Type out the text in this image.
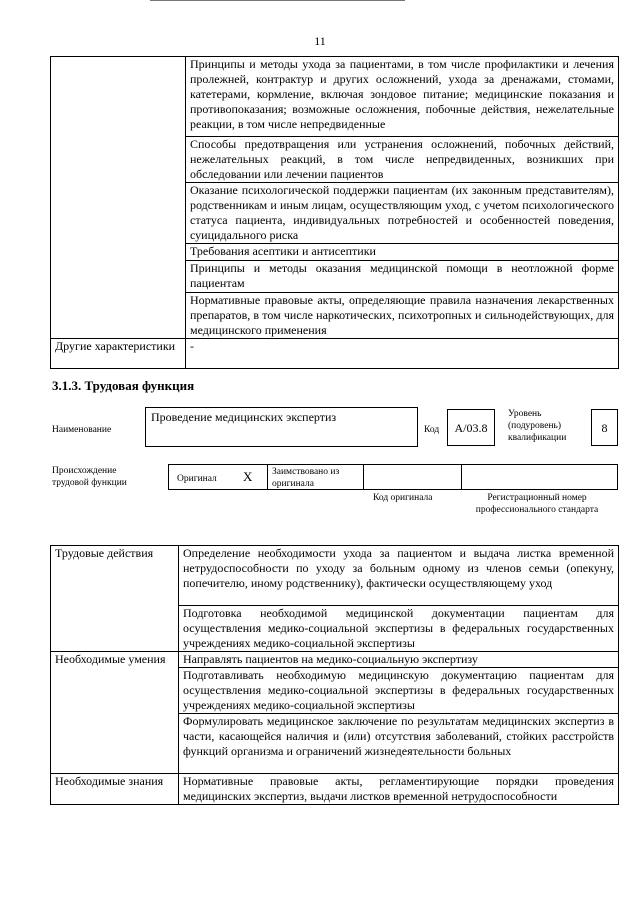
11
	Принципы и методы ухода за пациентами, в том числе профилактики и лечения пролежней, контрактур и других осложнений, ухода за дренажами, стомами, катетерами, кормление, включая зондовое питание; медицинские показания и противопоказания; возможные осложнения, побочные действия, нежелательные реакции, в том числе непредвиденные
	Способы предотвращения или устранения осложнений, побочных действий, нежелательных реакций, в том числе непредвиденных, возникших при обследовании или лечении пациентов
	Оказание психологической поддержки пациентам (их законным представителям), родственникам и иным лицам, осуществляющим уход, с учетом психологического статуса пациента, индивидуальных потребностей и особенностей поведения, суицидального риска
	Требования асептики и антисептики
	Принципы и методы оказания медицинской помощи в неотложной форме пациентам
	Нормативные правовые акты, определяющие правила назначения лекарственных препаратов, в том числе наркотических, психотропных и сильнодействующих, для медицинского применения
Другие характеристики	-
3.1.3. Трудовая функция
Наименование
Проведение медицинских экспертиз
Код	A/03.8
Уровень (подуровень) квалификации
8
Происхождение трудовой функции	Оригинал X Заимствовано из оригинала
Код оригинала	Регистрационный номер профессионального стандарта
Трудовые действия	Определение необходимости ухода за пациентом и выдача листка временной нетрудоспособности по уходу за больным одному из членов семьи (опекуну, попечителю, иному родственнику), фактически осуществляющему уход
	Подготовка необходимой медицинской документации пациентам для осуществления медико-социальной экспертизы в федеральных государственных учреждениях медико-социальной экспертизы
Необходимые умения	Направлять пациентов на медико-социальную экспертизу
	Подготавливать необходимую медицинскую документацию пациентам для осуществления медико-социальной экспертизы в федеральных государственных учреждениях медико-социальной экспертизы
	Формулировать медицинское заключение по результатам медицинских экспертиз в части, касающейся наличия и (или) отсутствия заболеваний, стойких расстройств функций организма и ограничений жизнедеятельности больных
Необходимые знания	Нормативные правовые акты, регламентирующие порядки проведения медицинских экспертиз, выдачи листков временной нетрудоспособности
